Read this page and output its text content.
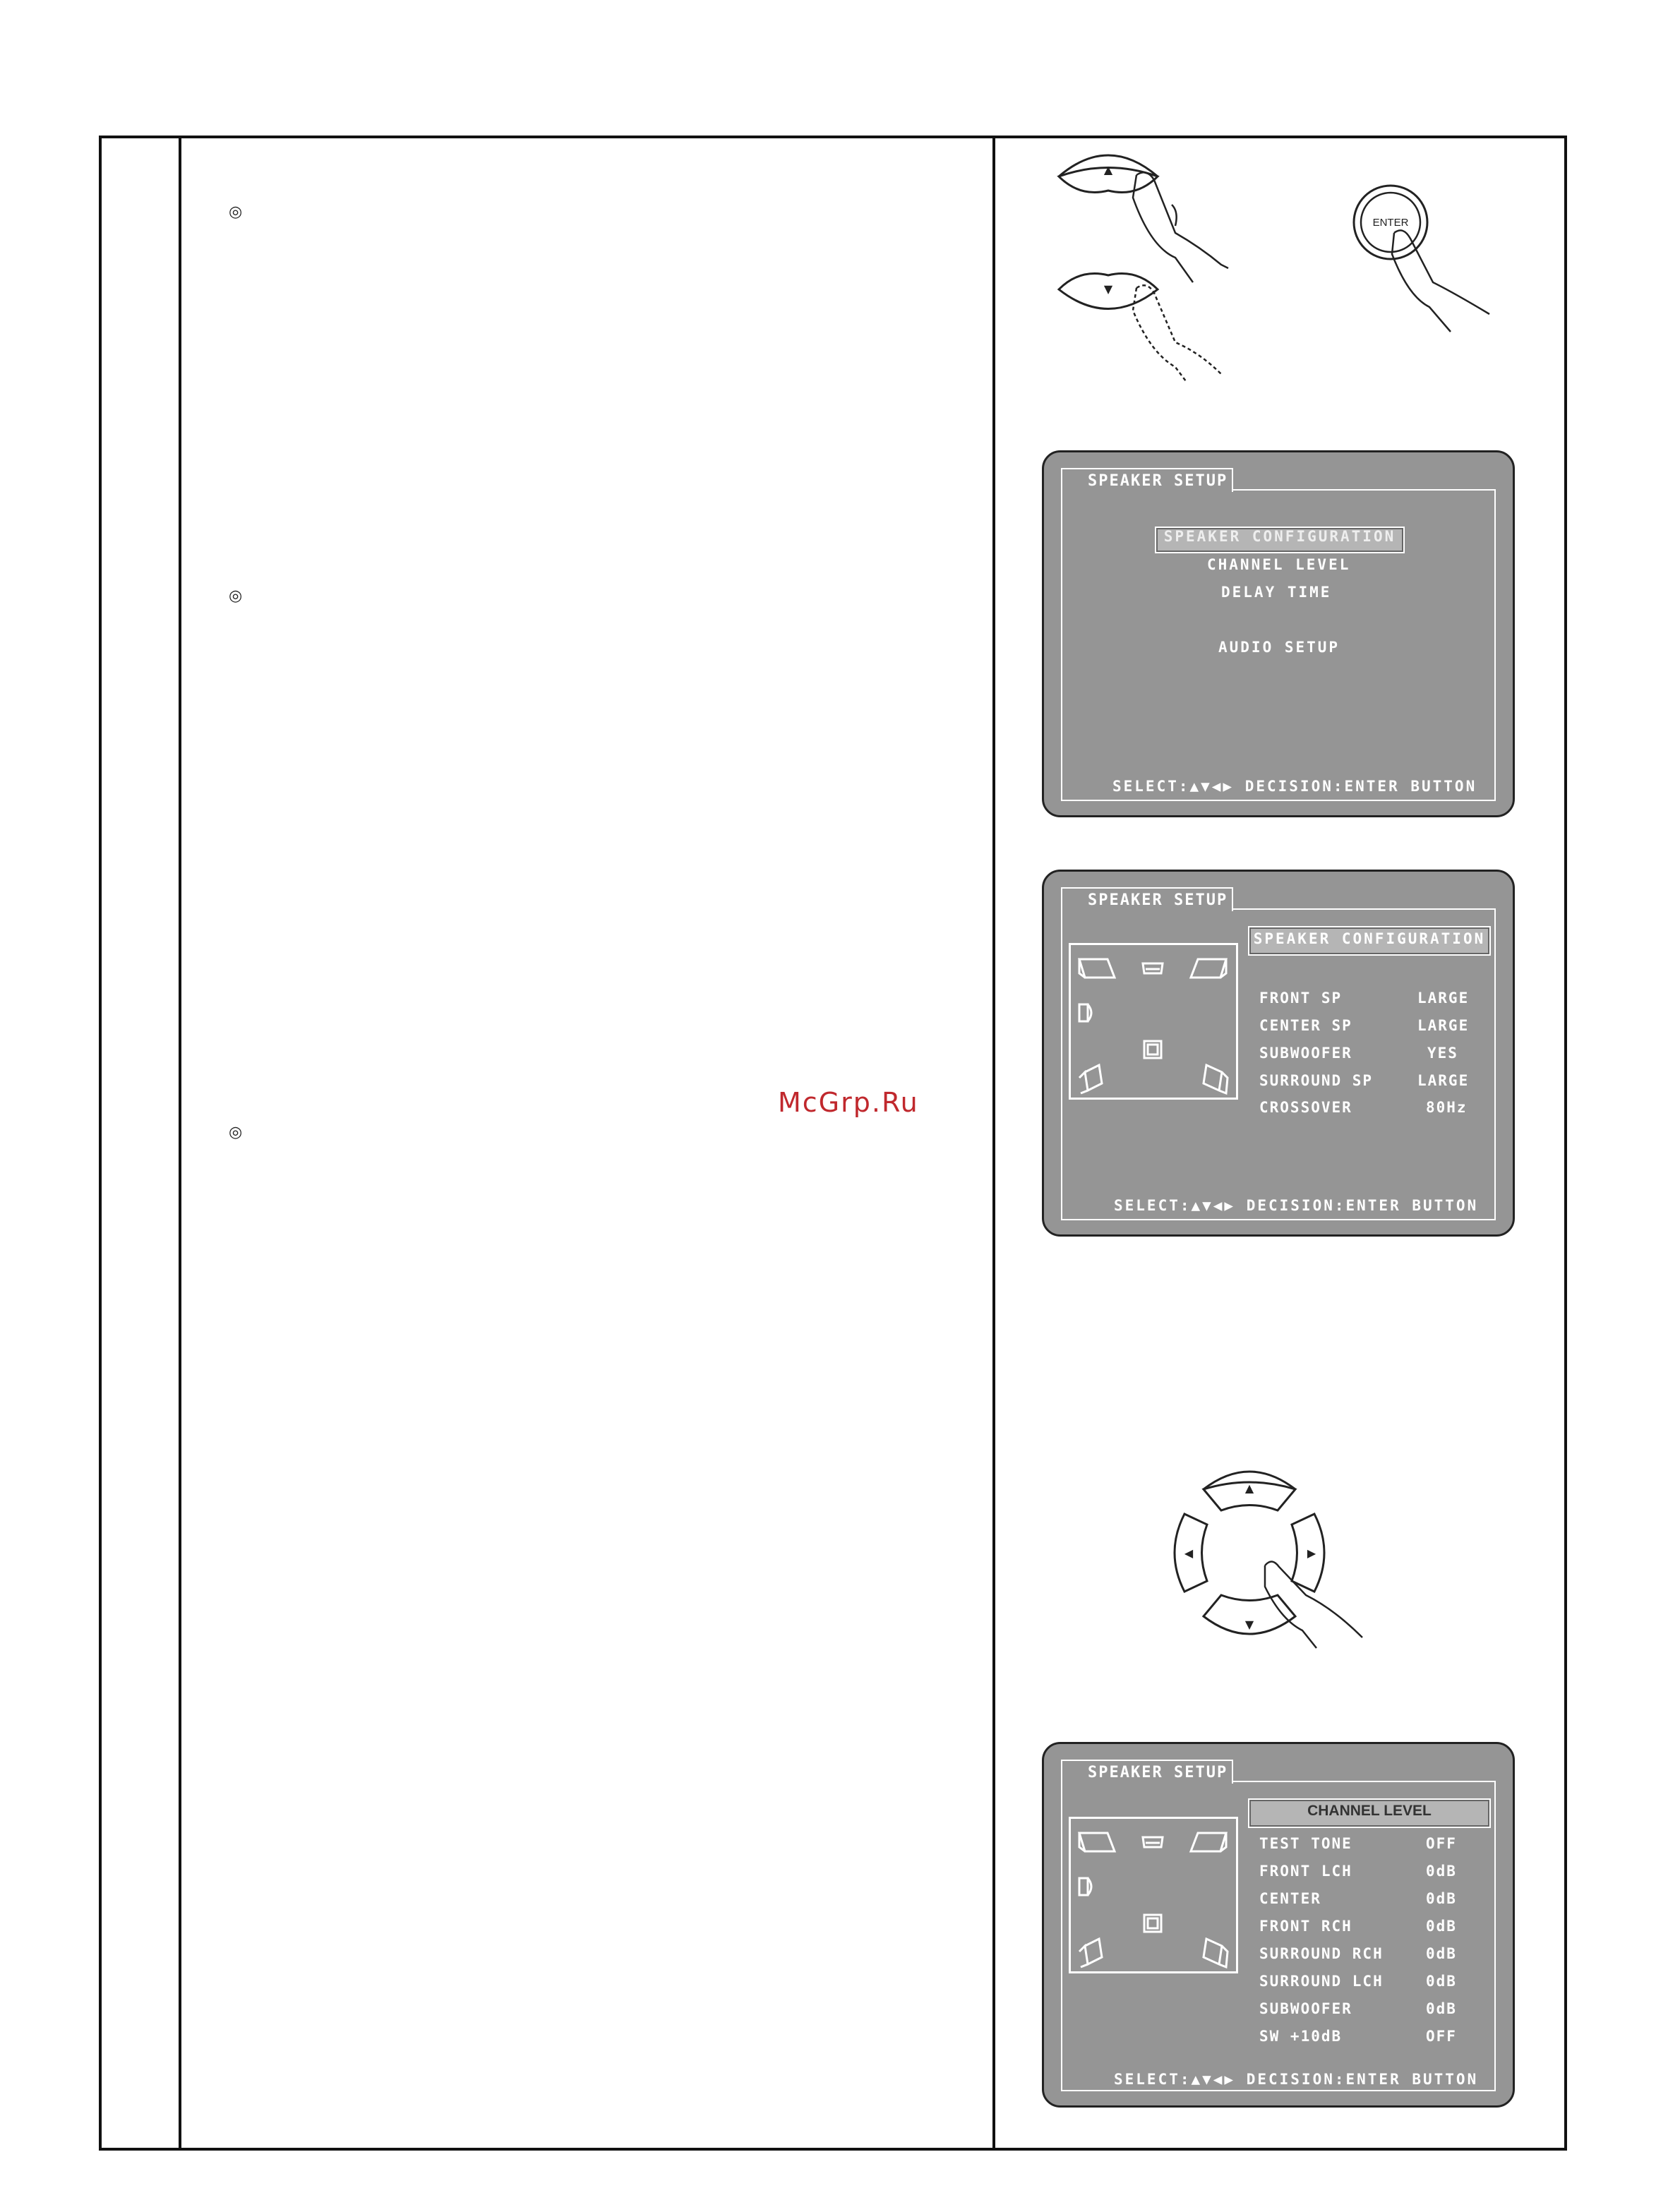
◎
◎
◎
McGrp.Ru
▲
▼
ENTER
SPEAKER SETUP
SPEAKER CONFIGURATION
CHANNEL LEVEL
DELAY TIME
AUDIO SETUP
SELECT:▲▼◀▶ DECISION:ENTER BUTTON
SPEAKER SETUP
SPEAKER CONFIGURATION
FRONT SP	LARGE
CENTER SP	LARGE
SUBWOOFER	YES
SURROUND SP	LARGE
CROSSOVER	80Hz
SELECT:▲▼◀▶ DECISION:ENTER BUTTON
▲
◀	▶
▼
SPEAKER SETUP
CHANNEL LEVEL
TEST TONE	OFF
FRONT LCH	0dB
CENTER	0dB
FRONT RCH	0dB
SURROUND RCH	0dB
SURROUND LCH	0dB
SUBWOOFER	0dB
SW +10dB	OFF
SELECT:▲▼◀▶ DECISION:ENTER BUTTON
